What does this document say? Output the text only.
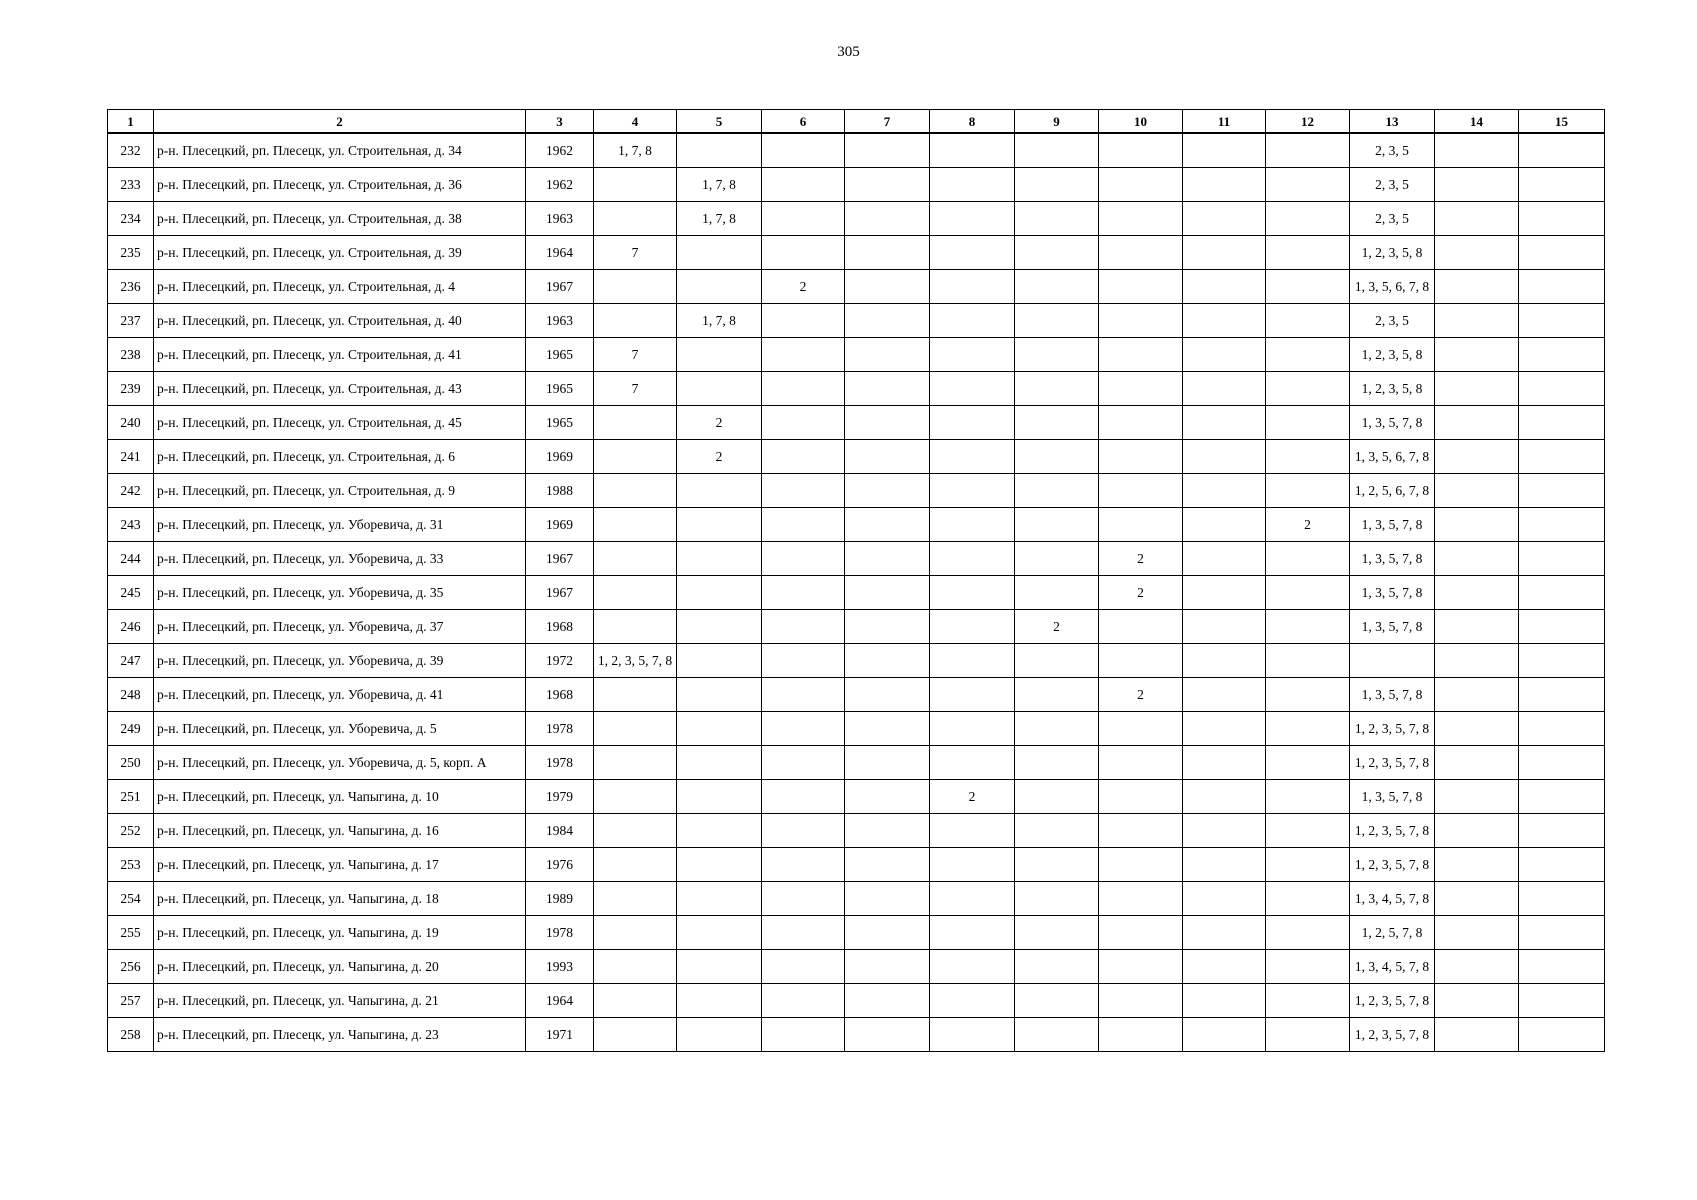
305
1	2	3	4	5	6	7	8	9	10	11	12	13	14	15
232	р-н. Плесецкий, рп. Плесецк, ул. Строительная, д. 34	1962	1, 7, 8									2, 3, 5		
233	р-н. Плесецкий, рп. Плесецк, ул. Строительная, д. 36	1962		1, 7, 8								2, 3, 5		
234	р-н. Плесецкий, рп. Плесецк, ул. Строительная, д. 38	1963		1, 7, 8								2, 3, 5		
235	р-н. Плесецкий, рп. Плесецк, ул. Строительная, д. 39	1964	7									1, 2, 3, 5, 8		
236	р-н. Плесецкий, рп. Плесецк, ул. Строительная, д. 4	1967			2							1, 3, 5, 6, 7, 8		
237	р-н. Плесецкий, рп. Плесецк, ул. Строительная, д. 40	1963		1, 7, 8								2, 3, 5		
238	р-н. Плесецкий, рп. Плесецк, ул. Строительная, д. 41	1965	7									1, 2, 3, 5, 8		
239	р-н. Плесецкий, рп. Плесецк, ул. Строительная, д. 43	1965	7									1, 2, 3, 5, 8		
240	р-н. Плесецкий, рп. Плесецк, ул. Строительная, д. 45	1965		2								1, 3, 5, 7, 8		
241	р-н. Плесецкий, рп. Плесецк, ул. Строительная, д. 6	1969		2								1, 3, 5, 6, 7, 8		
242	р-н. Плесецкий, рп. Плесецк, ул. Строительная, д. 9	1988										1, 2, 5, 6, 7, 8		
243	р-н. Плесецкий, рп. Плесецк, ул. Уборевича, д. 31	1969									2	1, 3, 5, 7, 8		
244	р-н. Плесецкий, рп. Плесецк, ул. Уборевича, д. 33	1967							2			1, 3, 5, 7, 8		
245	р-н. Плесецкий, рп. Плесецк, ул. Уборевича, д. 35	1967							2			1, 3, 5, 7, 8		
246	р-н. Плесецкий, рп. Плесецк, ул. Уборевича, д. 37	1968						2				1, 3, 5, 7, 8		
247	р-н. Плесецкий, рп. Плесецк, ул. Уборевича, д. 39	1972	1, 2, 3, 5, 7, 8											
248	р-н. Плесецкий, рп. Плесецк, ул. Уборевича, д. 41	1968							2			1, 3, 5, 7, 8		
249	р-н. Плесецкий, рп. Плесецк, ул. Уборевича, д. 5	1978										1, 2, 3, 5, 7, 8		
250	р-н. Плесецкий, рп. Плесецк, ул. Уборевича, д. 5, корп. А	1978										1, 2, 3, 5, 7, 8		
251	р-н. Плесецкий, рп. Плесецк, ул. Чапыгина, д. 10	1979					2					1, 3, 5, 7, 8		
252	р-н. Плесецкий, рп. Плесецк, ул. Чапыгина, д. 16	1984										1, 2, 3, 5, 7, 8		
253	р-н. Плесецкий, рп. Плесецк, ул. Чапыгина, д. 17	1976										1, 2, 3, 5, 7, 8		
254	р-н. Плесецкий, рп. Плесецк, ул. Чапыгина, д. 18	1989										1, 3, 4, 5, 7, 8		
255	р-н. Плесецкий, рп. Плесецк, ул. Чапыгина, д. 19	1978										1, 2, 5, 7, 8		
256	р-н. Плесецкий, рп. Плесецк, ул. Чапыгина, д. 20	1993										1, 3, 4, 5, 7, 8		
257	р-н. Плесецкий, рп. Плесецк, ул. Чапыгина, д. 21	1964										1, 2, 3, 5, 7, 8		
258	р-н. Плесецкий, рп. Плесецк, ул. Чапыгина, д. 23	1971										1, 2, 3, 5, 7, 8		
